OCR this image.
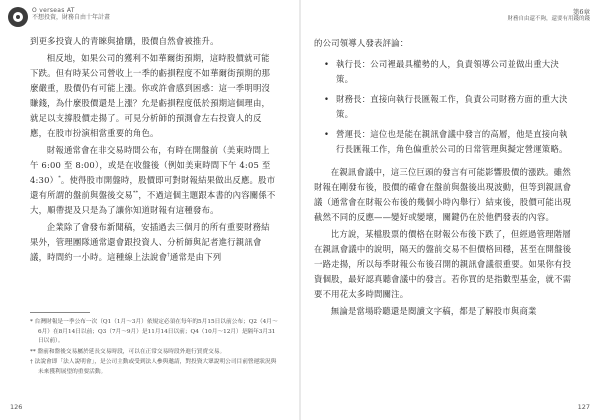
O verseas AT
不想投資，財務自由十年計畫

到更多投資人的青睞與搶購，股價自然會被推升。

相反地，如果公司的獲利不如華爾街預期，這時股價就可能下跌。但有時某公司營收上一季的虧損程度不如華爾街預期的那麼嚴重，股價仍有可能上漲。你或許會感到困惑：這一季明明沒賺錢，為什麼股價還是上漲？允是虧損程度低於預期這個理由，就足以支撐股價走揚了。可見分析師的預測會左右投資人的反應，在股市扮演相當重要的角色。

財報通常會在非交易時間公布，有時在開盤前（美東時間上午 6:00 至 8:00），或是在收盤後（例如美東時間下午 4:05 至 4:30）*。使得股市開盤時，股價即可對財報結果做出反應。股市還有所謂的盤前與盤後交易**，不過這個主題跟本書的內容關係不大，順帶提及只是為了讓你知道財報有這種發布。

企業除了會發布新聞稿，安插過去三個月的所有重要財務結果外，管理團隊通常還會跟投資人、分析師與記者進行親訊會議，時間約一小時。這種線上法說會†通常是由下列

* 台灣財報是一季公布一次（Q1（1月～3月）依規定必須在每年的5月15日以前公布；Q2（4月～6月）在8月14日以前；Q3（7月～9月）是11月14日以前；Q4（10月～12月）是隔年3月31日以前）。

** 盤前和盤後交易屬於延長交易時段，可以在正常交易時段外進行買賣交易。

† 法說會即「法人說明會」，是公司主動或受到法人參與邀請，對投資大眾說明公司目前營運狀況與未來獲利展望的重要活動。

126
第6章
財務自由還不夠，還要有用錢的錢

的公司領導人發表評論：

• 執行長：公司裡最具權勢的人，負責領導公司並做出重大決策。
• 財務長：直接向執行長匯報工作，負責公司財務方面的重大決策。
• 營運長：這位也是能在親訊會議中發言的高層，他是直接向執行長匯報工作，角色偏重於公司的日常管理與擬定營運策略。

在親訊會議中，這三位巨頭的發言有可能影響股價的漲跌。雖然財報在剛發布後，股價的確會在盤前與盤後出現波動，但等到親訊會議（通常會在財報公布後的幾個小時內舉行）結束後，股價可能出現截然不同的反應——變好或變壞，關鍵仍在於他們發表的內容。

比方說，某檔股票的價格在財報公布後下跌了，但經過管理階層在親訊會議中的說明，隔天的盤前交易不但價格回穩，甚至在開盤後一路走揚，所以每季財報公布後召開的親訊會議很重要。如果你有投資個股，最好認真聽會議中的發言。若你買的是指數型基金，就不需要不用花太多時間關注。

無論是當場聆聽還是閱讀文字稿，都是了解股市與商業

127
